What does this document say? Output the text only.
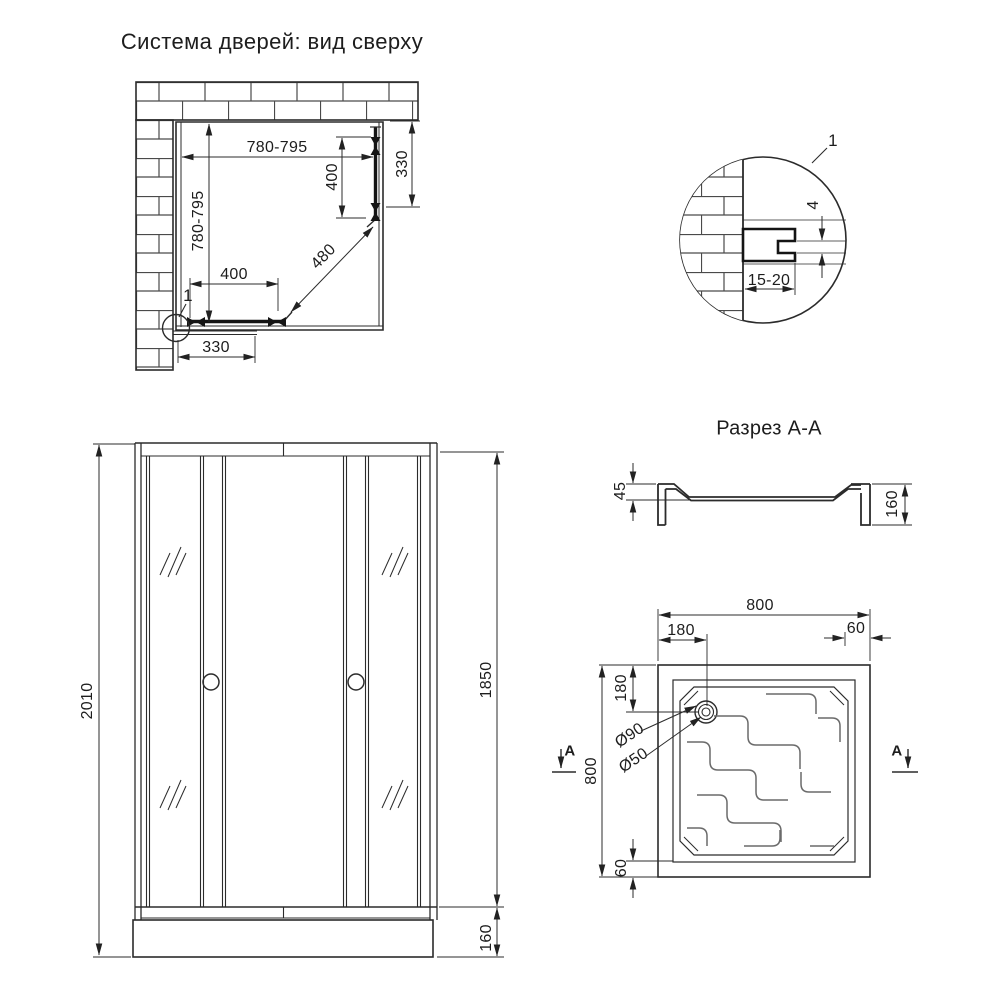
Система дверей: вид сверху
780-795
780-795
400	330
400
480
330
1
1
4
15-20
2010
1850
160
Разрез А-А
45	160
800
180	60
800
180
60
Ø90
Ø50
A	A
